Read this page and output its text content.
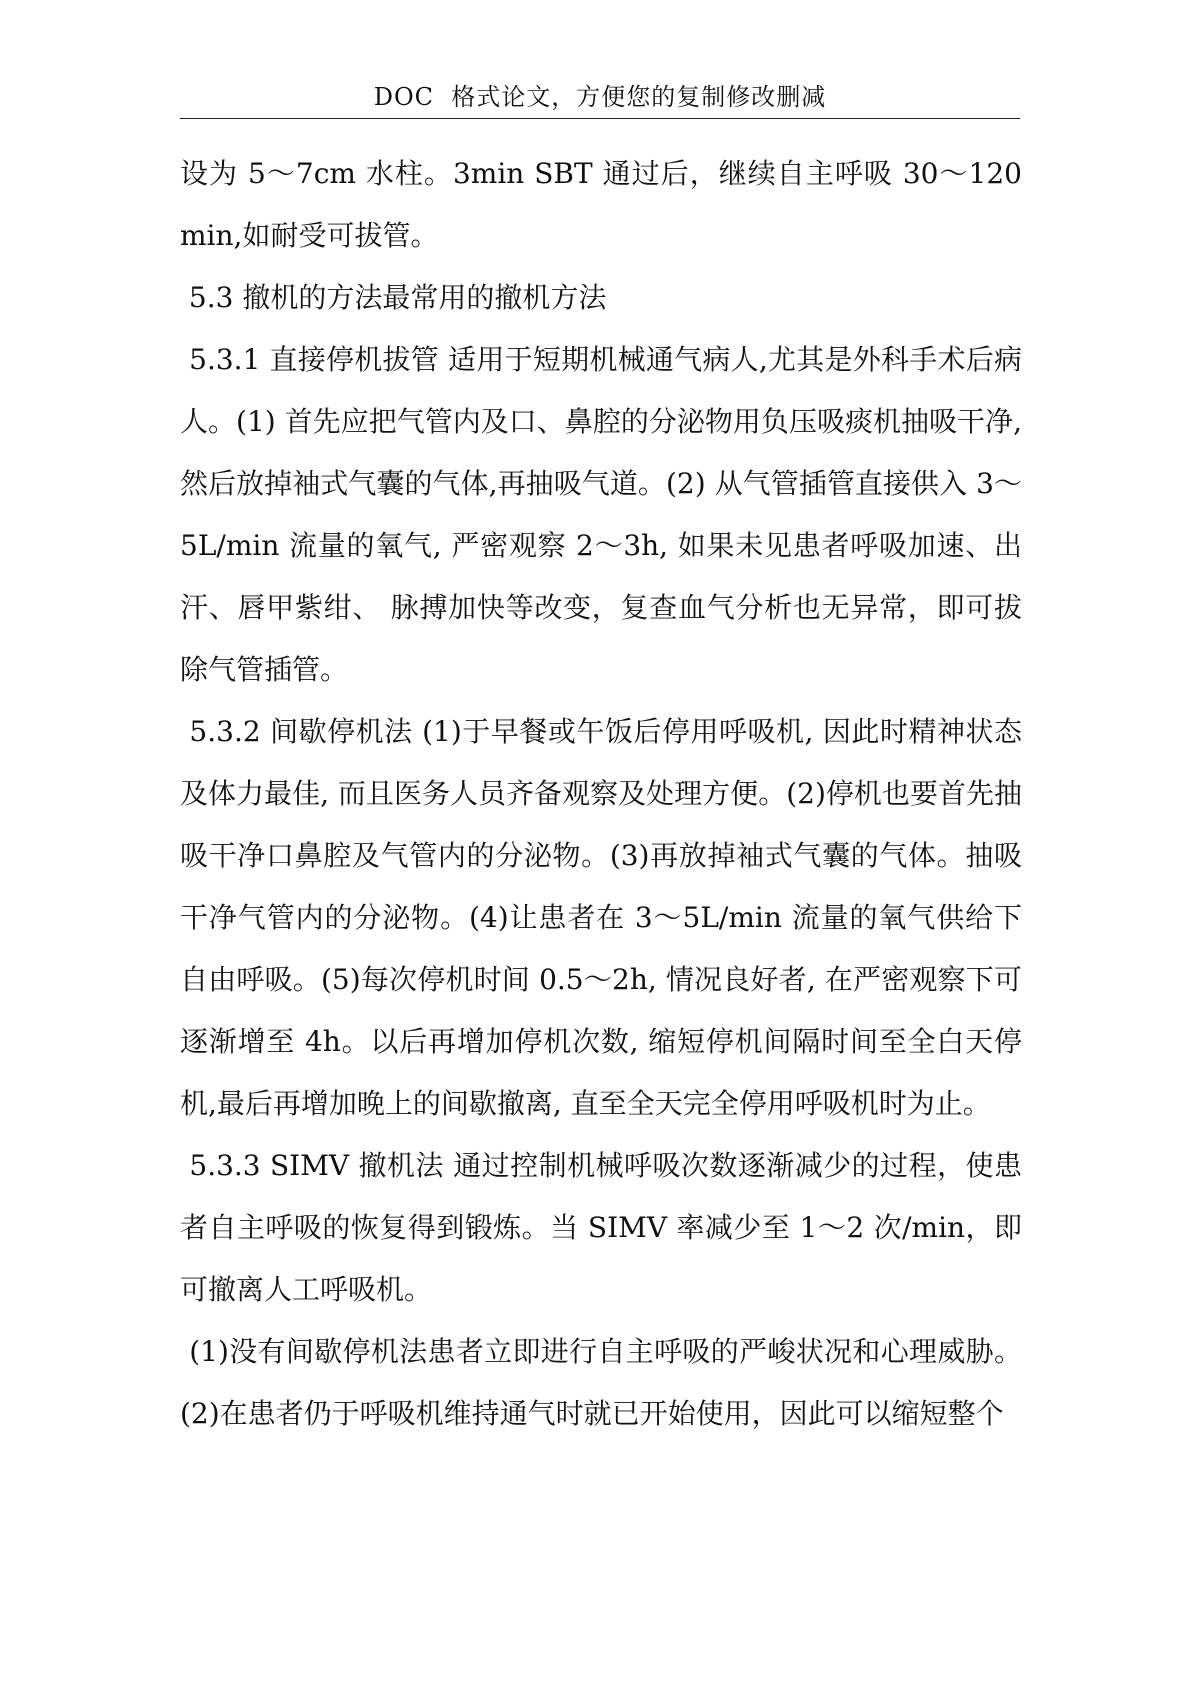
DOC  格式论文，方便您的复制修改删减

设为 5～7cm 水柱。3min SBT 通过后，继续自主呼吸 30～120min,如耐受可拔管。

5.3 撤机的方法最常用的撤机方法

5.3.1 直接停机拔管 适用于短期机械通气病人,尤其是外科手术后病人。(1) 首先应把气管内及口、鼻腔的分泌物用负压吸痰机抽吸干净, 然后放掉袖式气囊的气体,再抽吸气道。(2) 从气管插管直接供入 3～5L/min 流量的氧气, 严密观察 2～3h, 如果未见患者呼吸加速、出汗、唇甲紫绀、 脉搏加快等改变，复查血气分析也无异常，即可拔除气管插管。

5.3.2 间歇停机法 (1)于早餐或午饭后停用呼吸机, 因此时精神状态及体力最佳, 而且医务人员齐备观察及处理方便。(2)停机也要首先抽吸干净口鼻腔及气管内的分泌物。(3)再放掉袖式气囊的气体。抽吸干净气管内的分泌物。(4)让患者在 3～5L/min 流量的氧气供给下自由呼吸。(5)每次停机时间 0.5～2h, 情况良好者, 在严密观察下可逐渐增至 4h。以后再增加停机次数, 缩短停机间隔时间至全白天停机,最后再增加晚上的间歇撤离, 直至全天完全停用呼吸机时为止。

5.3.3 SIMV 撤机法 通过控制机械呼吸次数逐渐减少的过程，使患者自主呼吸的恢复得到锻炼。当 SIMV 率减少至 1～2 次/min，即可撤离人工呼吸机。

(1)没有间歇停机法患者立即进行自主呼吸的严峻状况和心理威胁。(2)在患者仍于呼吸机维持通气时就已开始使用，因此可以缩短整个
